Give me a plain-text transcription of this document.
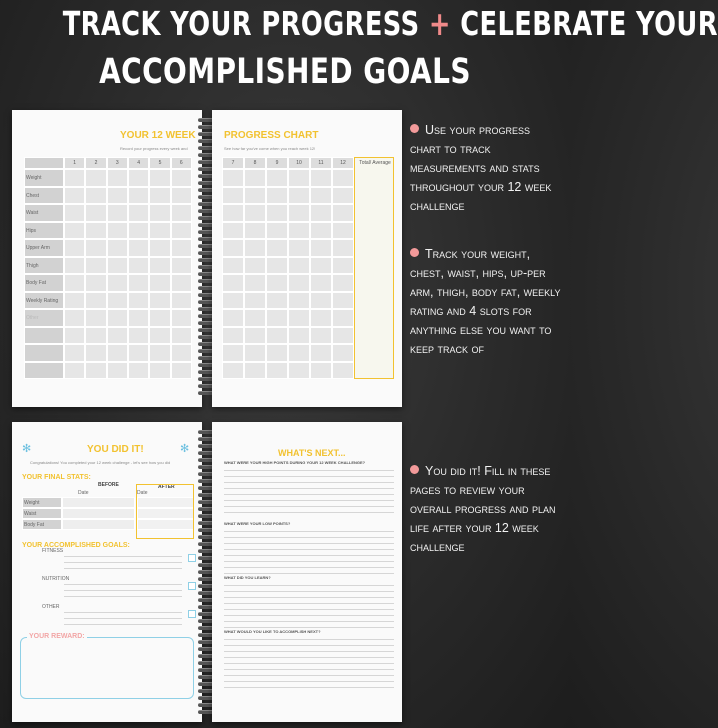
TRACK YOUR PROGRESS + CELEBRATE YOUR
ACCOMPLISHED GOALS
YOUR 12 WEEK
Record your progress every week and
1	2	3	4	5	6
Weight
Chest
Waist
Hips
Upper Arm
Thigh
Body Fat
Weekly Rating
Other
PROGRESS CHART
See how far you've come when you reach week 12!
7	8	9	10	11	12	Total/ Average
✻	✻
YOU DID IT!
Congratulations! You completed your 12 week challenge - let's see how you did
YOUR FINAL STATS:
BEFORE	AFTER
Date	Date
Weight
Waist
Body Fat
YOUR ACCOMPLISHED GOALS:
FITNESS
NUTRITION
OTHER
YOUR REWARD:
WHAT'S NEXT...
WHAT WERE YOUR HIGH POINTS DURING YOUR 12 WEEK CHALLENGE?
WHAT WERE YOUR LOW POINTS?
WHAT DID YOU LEARN?
WHAT WOULD YOU LIKE TO ACCOMPLISH NEXT?
Use your progress chart to track measurements and stats throughout your 12 week challenge
Track your weight, chest, waist, hips, up-per arm, thigh, body fat, weekly rating and 4 slots for anything else you want to keep track of
You did it! Fill in these pages to review your overall progress and plan life after your 12 week challenge
